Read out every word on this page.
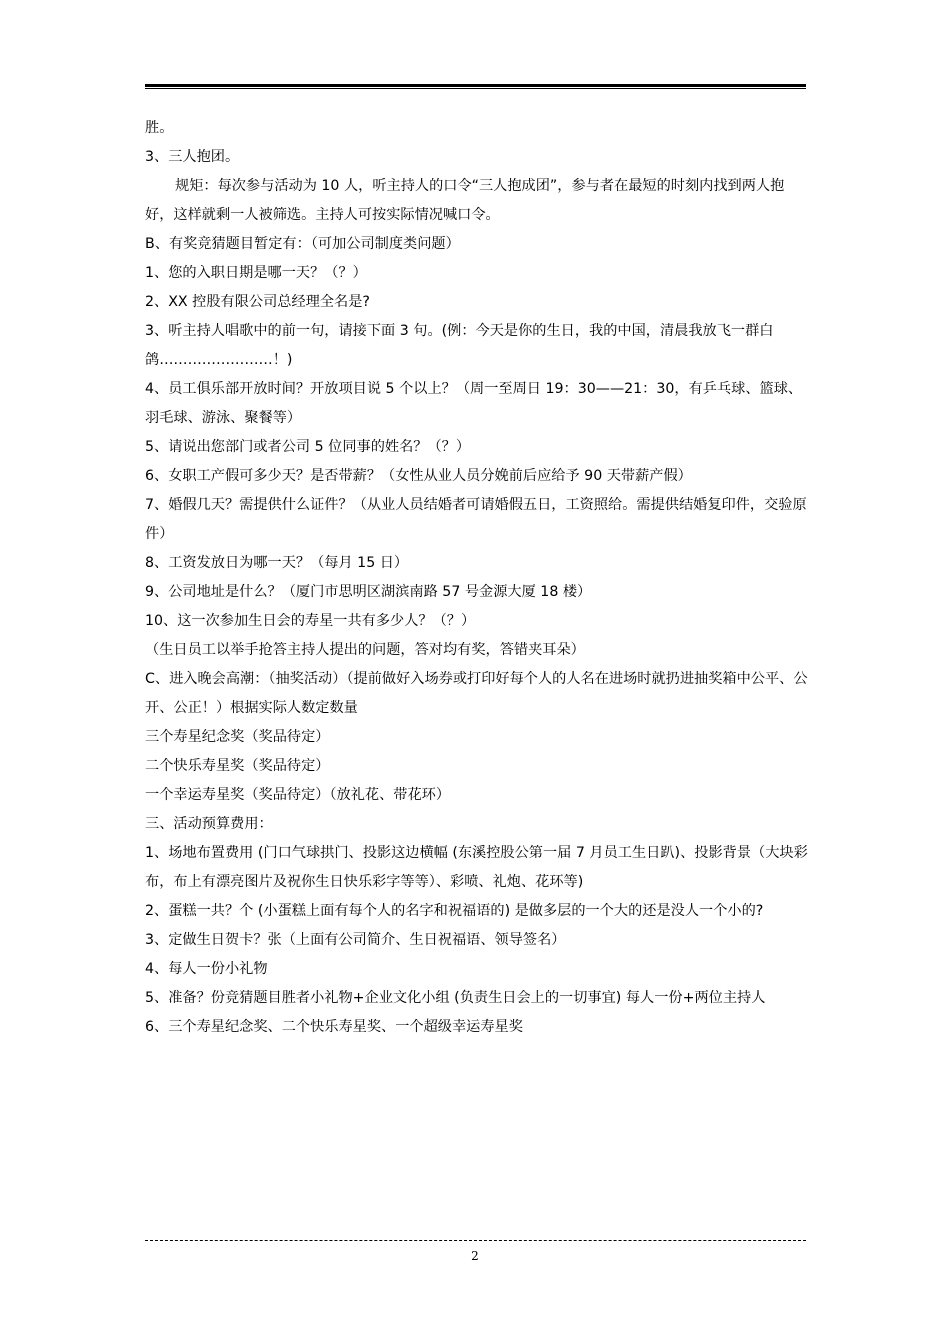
胜。

3、三人抱团。

规矩：每次参与活动为 10 人，听主持人的口令“三人抱成团”，参与者在最短的时刻内找到两人抱好，这样就剩一人被筛选。主持人可按实际情况喊口令。

B、有奖竞猜题目暂定有：（可加公司制度类问题）

1、您的入职日期是哪一天？（？）

2、XX 控股有限公司总经理全名是?

3、听主持人唱歌中的前一句，请接下面 3 句。(例：今天是你的生日，我的中国，清晨我放飞一群白鸽……………………！)

4、员工俱乐部开放时间？开放项目说 5 个以上？（周一至周日 19：30——21：30，有乒乓球、篮球、羽毛球、游泳、聚餐等）

5、请说出您部门或者公司 5 位同事的姓名？（？）

6、女职工产假可多少天？是否带薪？（女性从业人员分娩前后应给予 90 天带薪产假）

7、婚假几天？需提供什么证件？（从业人员结婚者可请婚假五日，工资照给。需提供结婚复印件，交验原件）

8、工资发放日为哪一天？（每月 15 日）

9、公司地址是什么？（厦门市思明区湖滨南路 57 号金源大厦 18 楼）

10、这一次参加生日会的寿星一共有多少人？（？）

（生日员工以举手抢答主持人提出的问题，答对均有奖，答错夹耳朵）

C、进入晚会高潮：（抽奖活动）（提前做好入场券或打印好每个人的人名在进场时就扔进抽奖箱中公平、公开、公正！）根据实际人数定数量

三个寿星纪念奖（奖品待定）

二个快乐寿星奖（奖品待定）

一个幸运寿星奖（奖品待定）（放礼花、带花环）

三、活动预算费用：

1、场地布置费用 (门口气球拱门、投影这边横幅 (东溪控股公第一届 7 月员工生日趴)、投影背景（大块彩布，布上有漂亮图片及祝你生日快乐彩字等等）、彩喷、礼炮、花环等)

2、蛋糕一共？个 (小蛋糕上面有每个人的名字和祝福语的) 是做多层的一个大的还是没人一个小的?

3、定做生日贺卡？张（上面有公司简介、生日祝福语、领导签名）

4、每人一份小礼物

5、准备？份竞猜题目胜者小礼物+企业文化小组 (负责生日会上的一切事宜) 每人一份+两位主持人

6、三个寿星纪念奖、二个快乐寿星奖、一个超级幸运寿星奖

2
